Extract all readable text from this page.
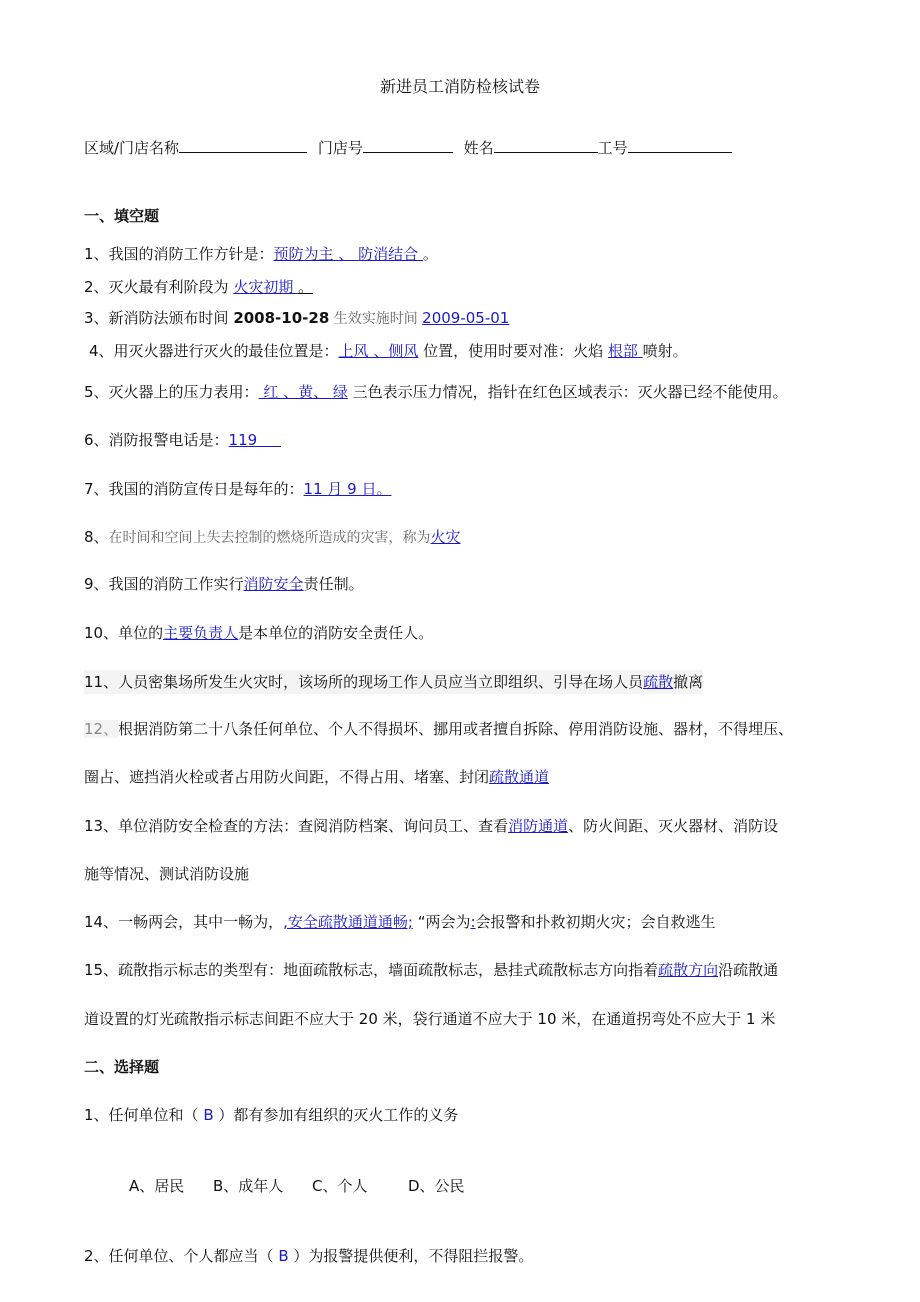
新进员工消防检核试卷
区域/门店名称	门店号	姓名	工号
一、填空题
1、我国的消防工作方针是：预防为主 、 防消结合 。
2、灭火最有利阶段为 火灾初期 。
3、新消防法颁布时间 2008-10-28 生效实施时间 2009-05-01
4、用灭火器进行灭火的最佳位置是：上风 、侧风 位置，使用时要对准：火焰 根部 喷射。
5、灭火器上的压力表用： 红 、黄、 绿 三色表示压力情况，指针在红色区域表示：灭火器已经不能使用。
6、消防报警电话是：119
7、我国的消防宣传日是每年的：11 月 9 日。
8、在时间和空间上失去控制的燃烧所造成的灾害，称为火灾
9、我国的消防工作实行消防安全责任制。
10、单位的主要负责人是本单位的消防安全责任人。
11、人员密集场所发生火灾时，该场所的现场工作人员应当立即组织、引导在场人员疏散撤离
12、根据消防第二十八条任何单位、个人不得损坏、挪用或者擅自拆除、停用消防设施、器材，不得埋压、
圈占、遮挡消火栓或者占用防火间距，不得占用、堵塞、封闭疏散通道
13、单位消防安全检查的方法：查阅消防档案、询问员工、查看消防通道、防火间距、灭火器材、消防设
施等情况、测试消防设施
14、一畅两会，其中一畅为，,安全疏散通道通畅; “两会为:会报警和扑救初期火灾；会自救逃生
15、疏散指示标志的类型有：地面疏散标志，墙面疏散标志，悬挂式疏散标志方向指着疏散方向沿疏散通
道设置的灯光疏散指示标志间距不应大于 20 米，袋行通道不应大于 10 米，在通道拐弯处不应大于 1 米
二、选择题
1、任何单位和（ B ）都有参加有组织的灭火工作的义务
A、居民 B、成年人 C、个人	D、公民
2、任何单位、个人都应当（ B ）为报警提供便利，不得阻拦报警。
